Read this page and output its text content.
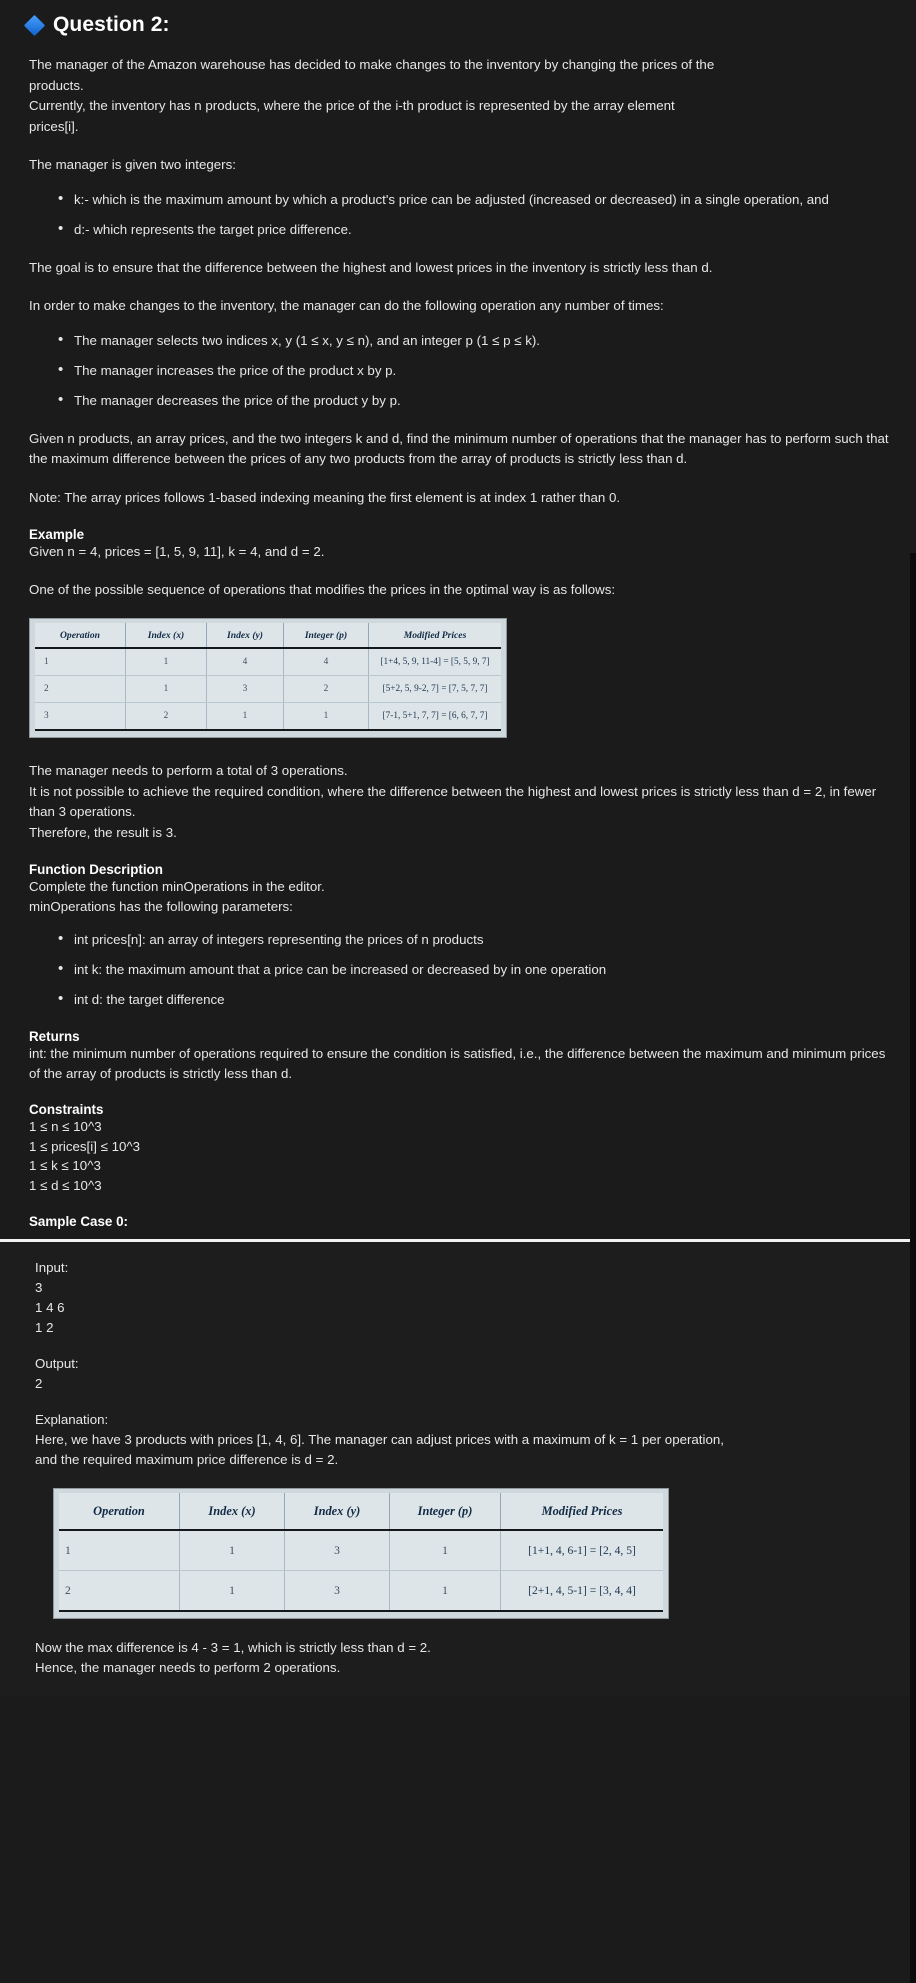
Question 2:

The manager of the Amazon warehouse has decided to make changes to the inventory by changing the prices of the
products.
Currently, the inventory has n products, where the price of the i-th product is represented by the array element
prices[i].

The manager is given two integers:

• k:- which is the maximum amount by which a product's price can be adjusted (increased or decreased) in a single operation, and
• d:- which represents the target price difference.

The goal is to ensure that the difference between the highest and lowest prices in the inventory is strictly less than d.

In order to make changes to the inventory, the manager can do the following operation any number of times:

• The manager selects two indices x, y (1 ≤ x, y ≤ n), and an integer p (1 ≤ p ≤ k).
• The manager increases the price of the product x by p.
• The manager decreases the price of the product y by p.

Given n products, an array prices, and the two integers k and d, find the minimum number of operations that the manager has to perform such that the maximum difference between the prices of any two products from the array of products is strictly less than d.

Note: The array prices follows 1-based indexing meaning the first element is at index 1 rather than 0.

Example
Given n = 4, prices = [1, 5, 9, 11], k = 4, and d = 2.

One of the possible sequence of operations that modifies the prices in the optimal way is as follows:

Operation	Index (x)	Index (y)	Integer (p)	Modified Prices
1	1	4	4	[1+4, 5, 9, 11-4] = [5, 5, 9, 7]
2	1	3	2	[5+2, 5, 9-2, 7] = [7, 5, 7, 7]
3	2	1	1	[7-1, 5+1, 7, 7] = [6, 6, 7, 7]

The manager needs to perform a total of 3 operations.
It is not possible to achieve the required condition, where the difference between the highest and lowest prices is strictly less than d = 2, in fewer than 3 operations.
Therefore, the result is 3.

Function Description
Complete the function minOperations in the editor.
minOperations has the following parameters:
• int prices[n]: an array of integers representing the prices of n products
• int k: the maximum amount that a price can be increased or decreased by in one operation
• int d: the target difference
Returns
int: the minimum number of operations required to ensure the condition is satisfied, i.e., the difference between the maximum and minimum prices of the array of products is strictly less than d.
Constraints
1 ≤ n ≤ 10^3
1 ≤ prices[i] ≤ 10^3
1 ≤ k ≤ 10^3
1 ≤ d ≤ 10^3
Sample Case 0:
Input:
3
1 4 6
1 2
Output:
2
Explanation:
Here, we have 3 products with prices [1, 4, 6]. The manager can adjust prices with a maximum of k = 1 per operation,
and the required maximum price difference is d = 2.
Operation	Index (x)	Index (y)	Integer (p)	Modified Prices
1	1	3	1	[1+1, 4, 6-1] = [2, 4, 5]
2	1	3	1	[2+1, 4, 5-1] = [3, 4, 4]
Now the max difference is 4 - 3 = 1, which is strictly less than d = 2.
Hence, the manager needs to perform 2 operations.
